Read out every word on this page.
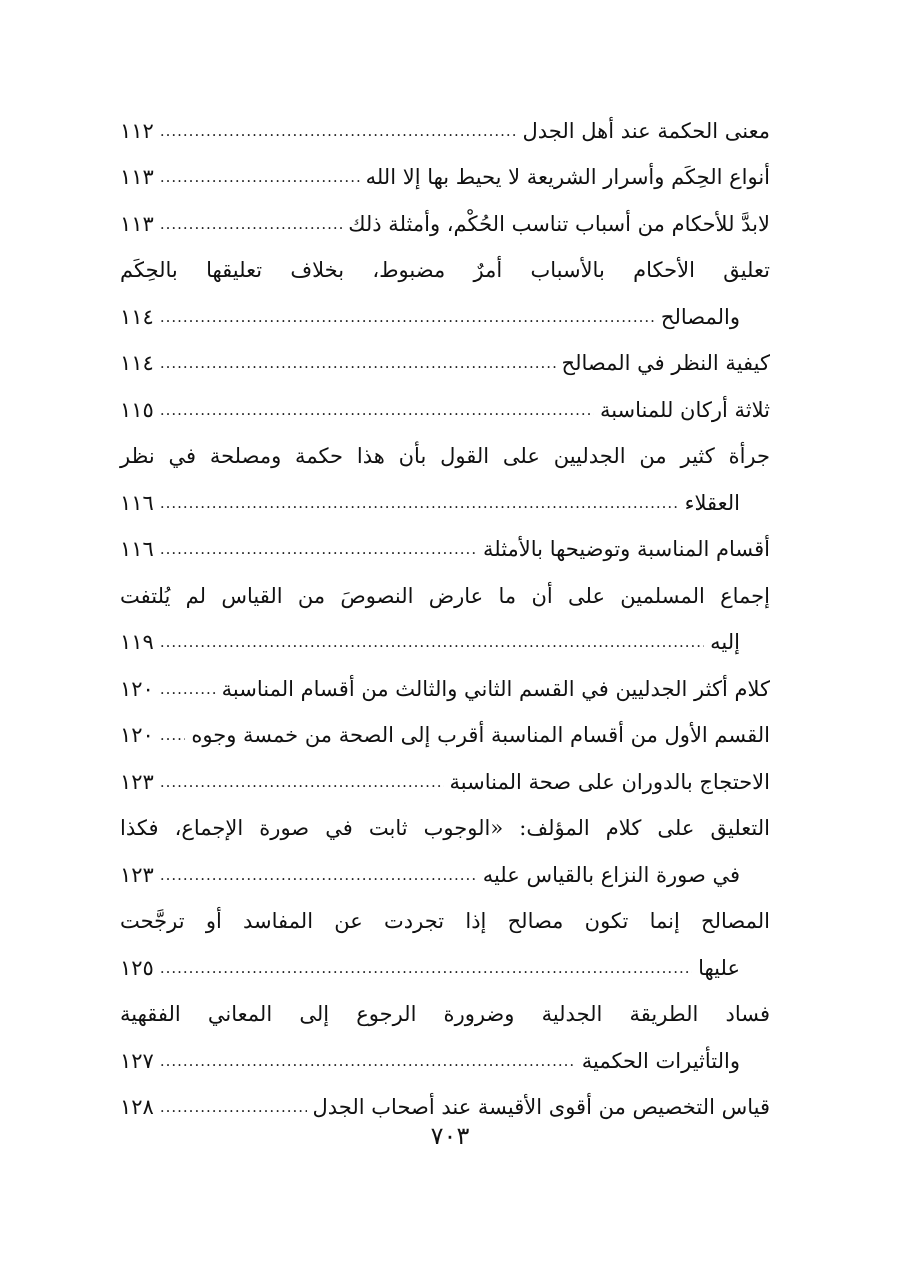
معنى الحكمة عند أهل الجدل
.....
١١٢
أنواع الحِكَم وأسرار الشريعة لا يحيط بها إلا الله
.....
١١٣
لابدَّ للأحكام من أسباب تناسب الحُكْم، وأمثلة ذلك
.....
١١٣
تعليق الأحكام بالأسباب أمرٌ مضبوط، بخلاف تعليقها بالحِكَم
والمصالح
.....
١١٤
كيفية النظر في المصالح
.....
١١٤
ثلاثة أركان للمناسبة
.....
١١٥
جرأة كثير من الجدليين على القول بأن هذا حكمة ومصلحة في نظر
العقلاء
.....
١١٦
أقسام المناسبة وتوضيحها بالأمثلة
.....
١١٦
إجماع المسلمين على أن ما عارض النصوصَ من القياس لم يُلتفت
إليه
.....
١١٩
كلام أكثر الجدليين في القسم الثاني والثالث من أقسام المناسبة
.....
١٢٠
القسم الأول من أقسام المناسبة أقرب إلى الصحة من خمسة وجوه
.....
١٢٠
الاحتجاج بالدوران على صحة المناسبة
.....
١٢٣
التعليق على كلام المؤلف: «الوجوب ثابت في صورة الإجماع، فكذا
في صورة النزاع بالقياس عليه
.....
١٢٣
المصالح إنما تكون مصالح إذا تجردت عن المفاسد أو ترجَّحت
عليها
.....
١٢٥
فساد الطريقة الجدلية وضرورة الرجوع إلى المعاني الفقهية
والتأثيرات الحكمية
.....
١٢٧
قياس التخصيص من أقوى الأقيسة عند أصحاب الجدل
.....
١٢٨
٧٠٣
